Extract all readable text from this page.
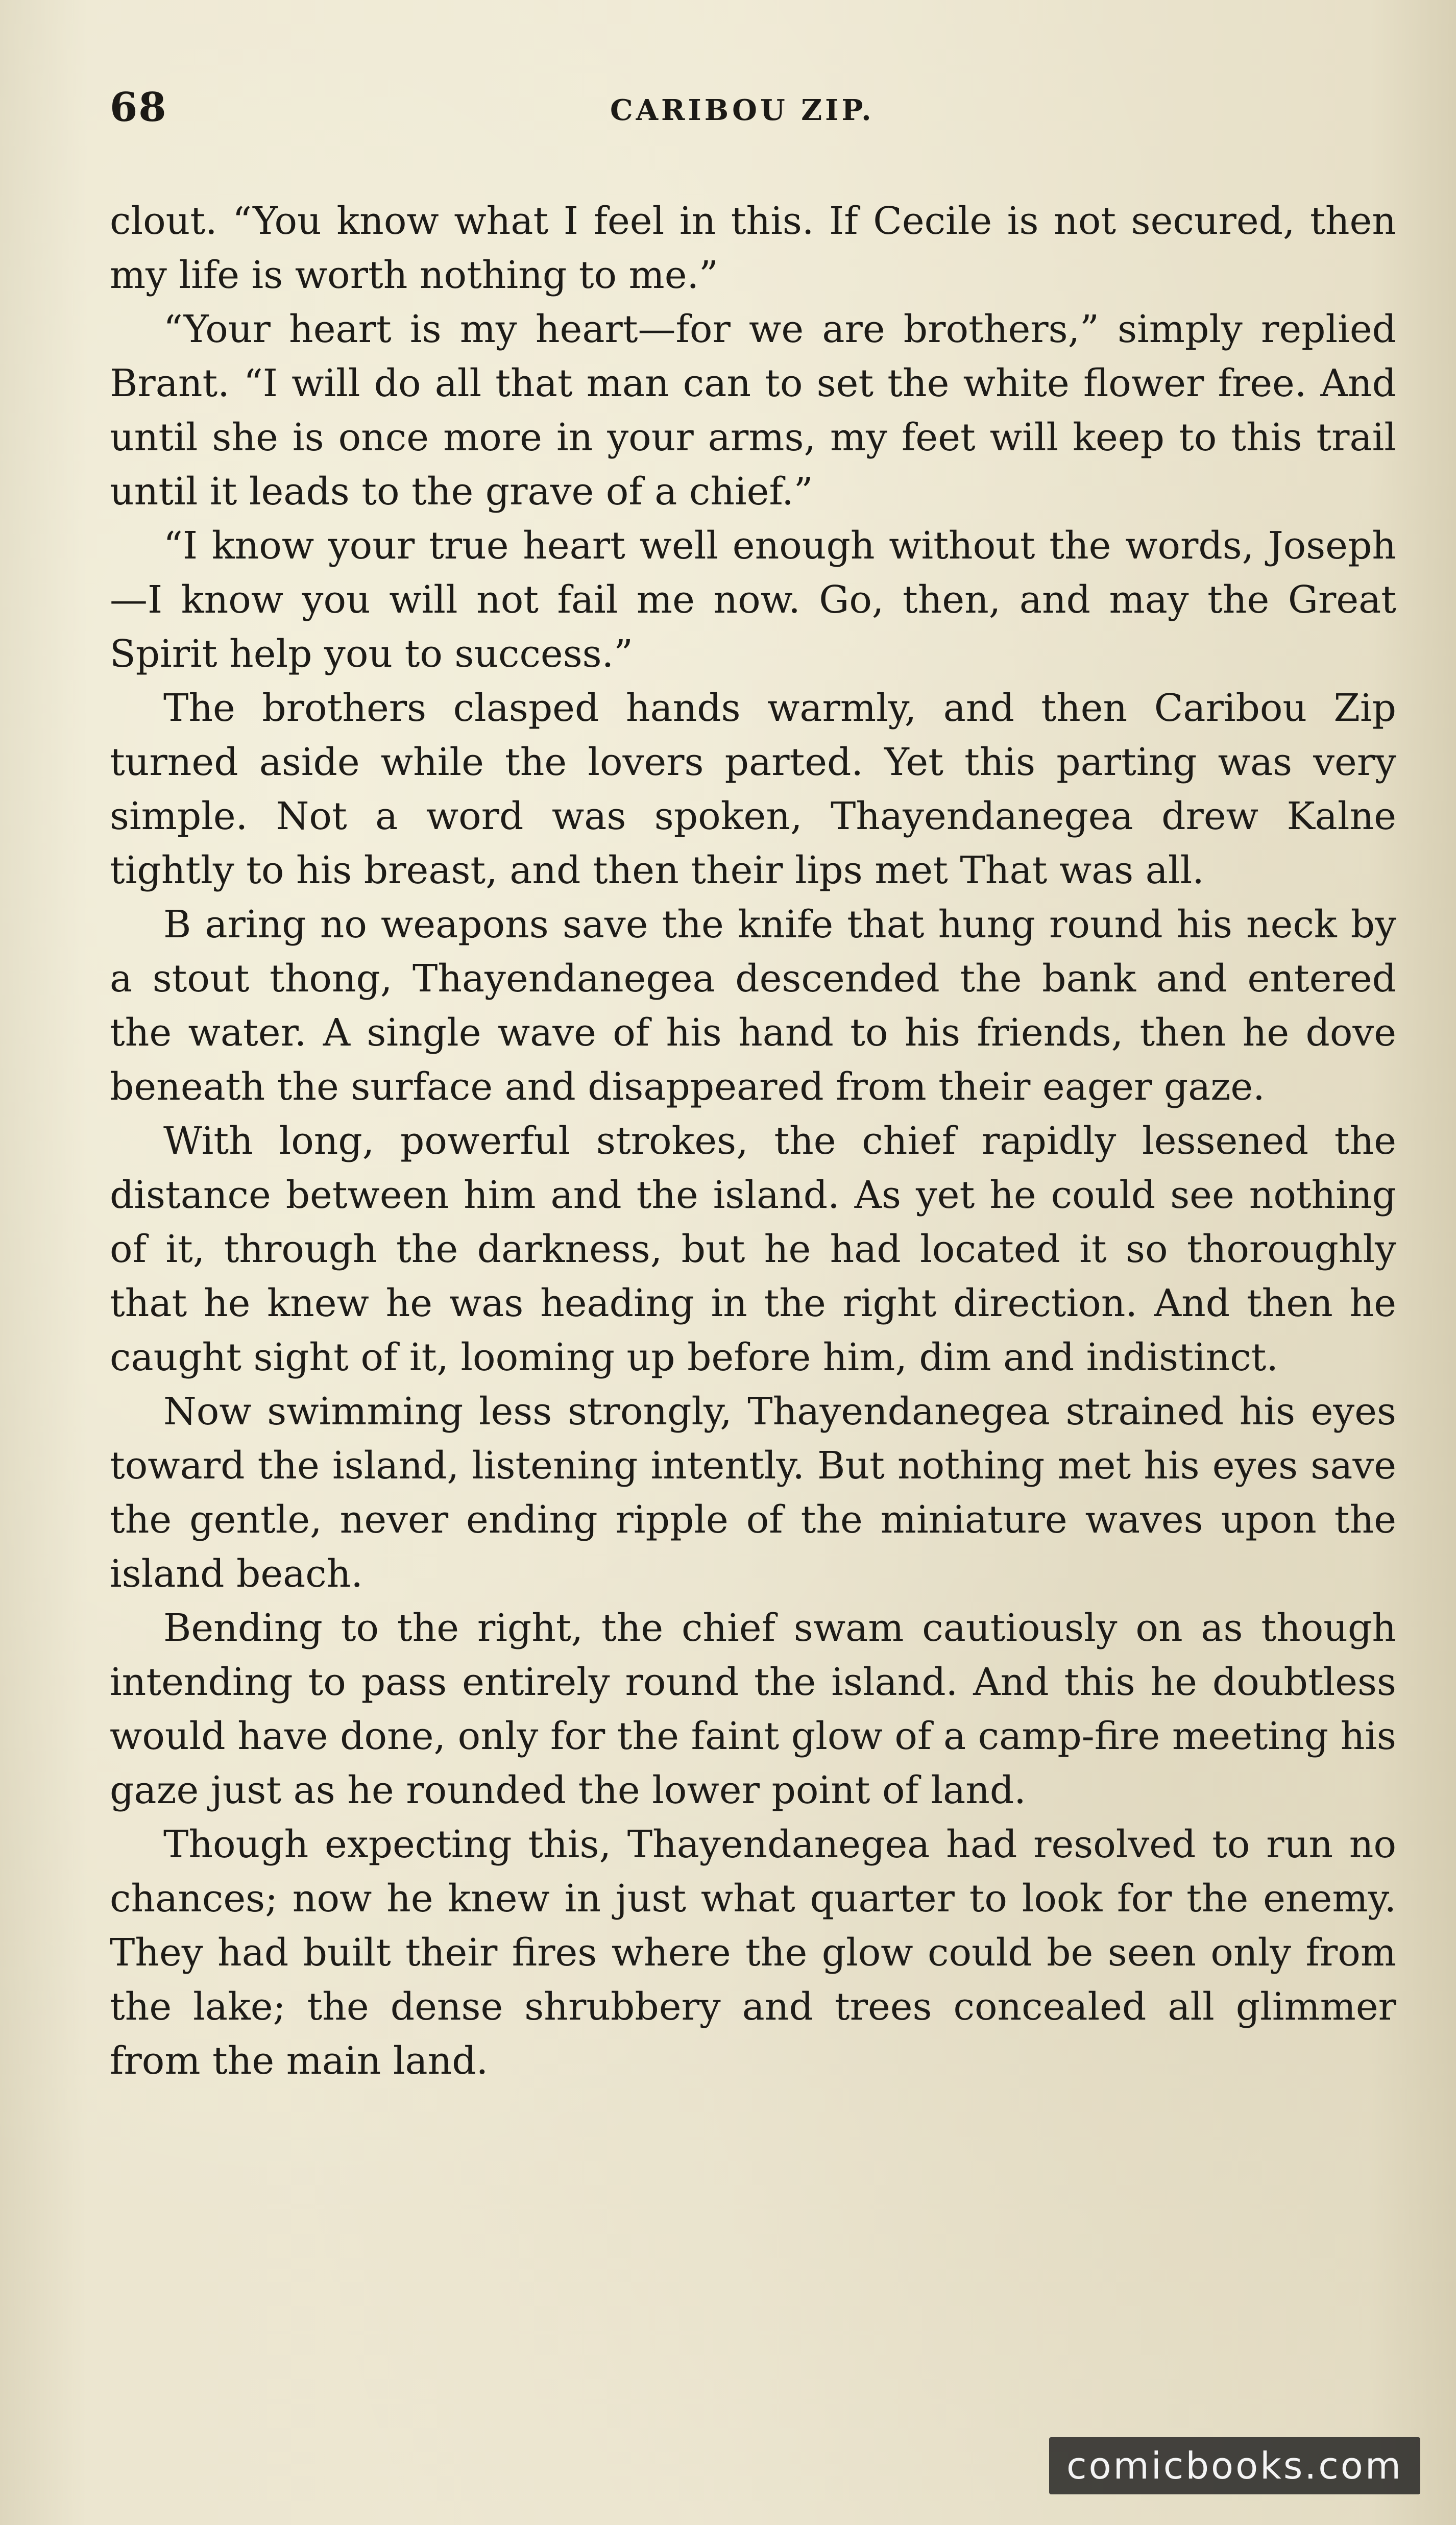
68	CARIBOU ZIP.

clout. “You know what I feel in this. If Cecile is not secured, then my life is worth nothing to me.”

“Your heart is my heart—for we are brothers,” simply replied Brant. “I will do all that man can to set the white flower free. And until she is once more in your arms, my feet will keep to this trail until it leads to the grave of a chief.”

“I know your true heart well enough without the words, Joseph—I know you will not fail me now. Go, then, and may the Great Spirit help you to success.”

The brothers clasped hands warmly, and then Caribou Zip turned aside while the lovers parted. Yet this parting was very simple. Not a word was spoken, Thayendanegea drew Kalne tightly to his breast, and then their lips met That was all.

B aring no weapons save the knife that hung round his neck by a stout thong, Thayendanegea descended the bank and entered the water. A single wave of his hand to his friends, then he dove beneath the surface and disappeared from their eager gaze.

With long, powerful strokes, the chief rapidly lessened the distance between him and the island. As yet he could see nothing of it, through the darkness, but he had located it so thoroughly that he knew he was heading in the right direction. And then he caught sight of it, looming up before him, dim and indistinct.

Now swimming less strongly, Thayendanegea strained his eyes toward the island, listening intently. But nothing met his eyes save the gentle, never ending ripple of the miniature waves upon the island beach.

Bending to the right, the chief swam cautiously on as though intending to pass entirely round the island. And this he doubtless would have done, only for the faint glow of a camp-fire meeting his gaze just as he rounded the lower point of land.

Though expecting this, Thayendanegea had resolved to run no chances; now he knew in just what quarter to look for the enemy. They had built their fires where the glow could be seen only from the lake; the dense shrubbery and trees concealed all glimmer from the main land.

comicbooks.com
